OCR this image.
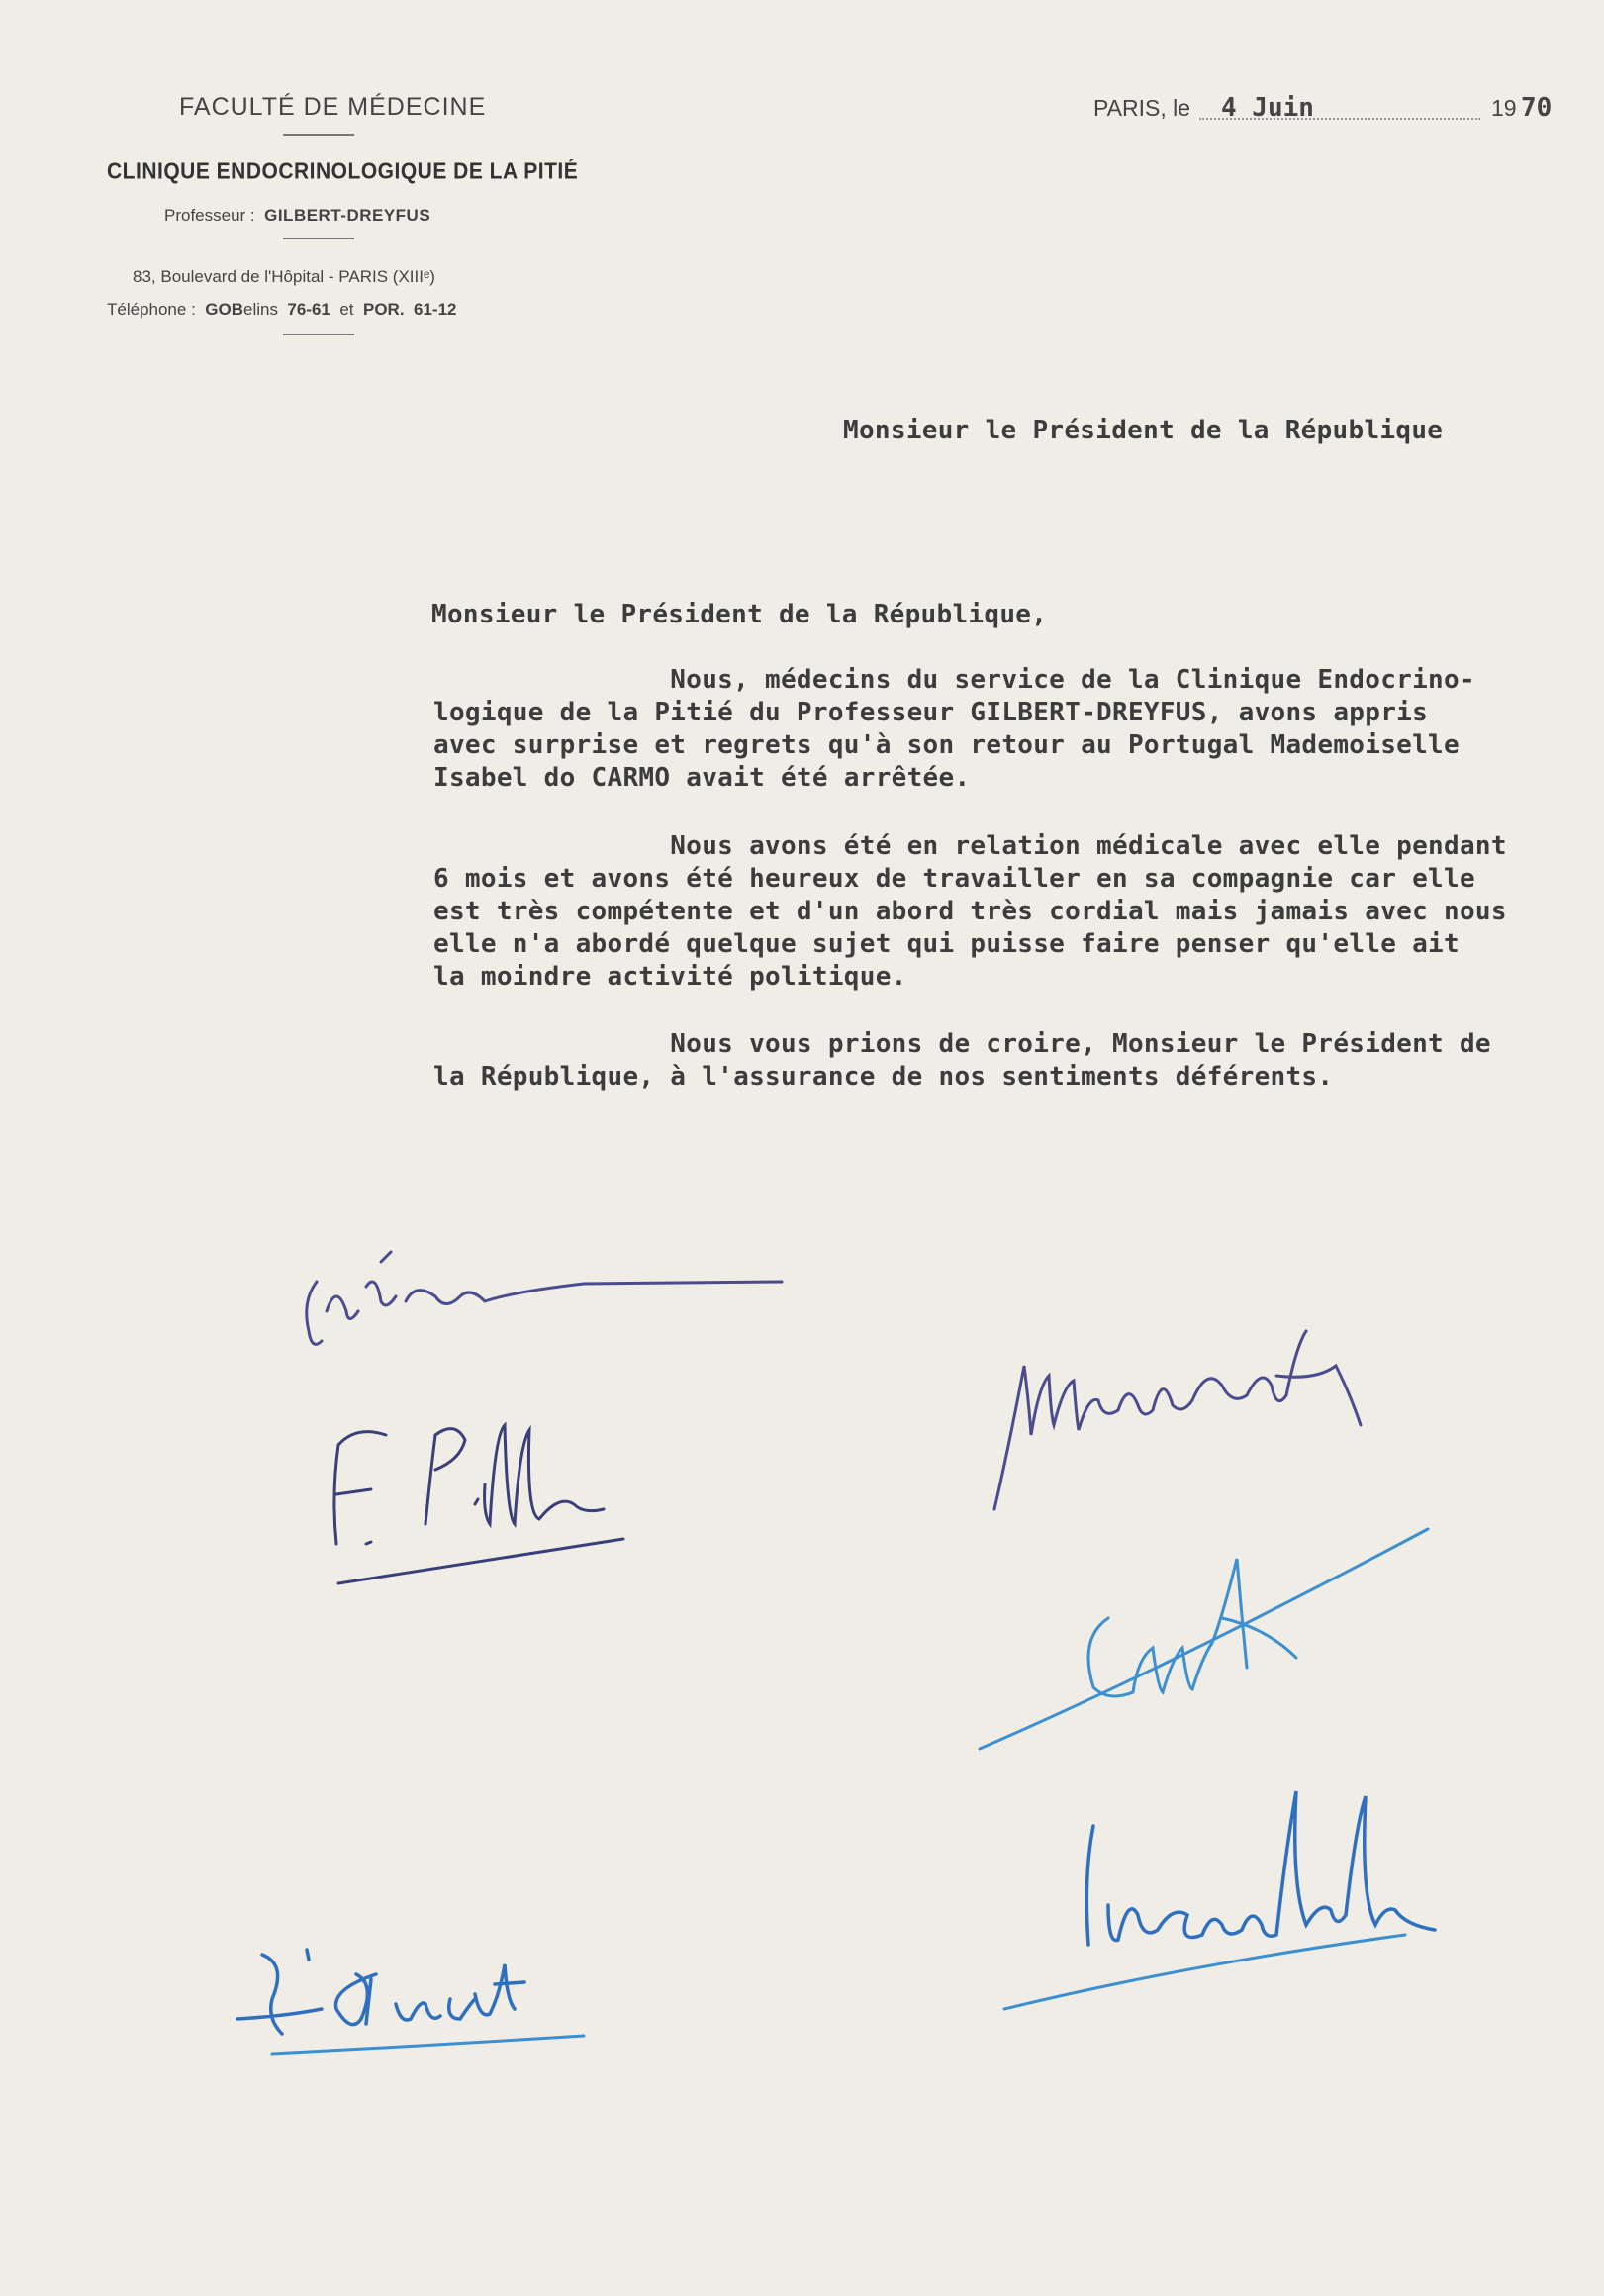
FACULTÉ DE MÉDECINE
CLINIQUE ENDOCRINOLOGIQUE DE LA PITIÉ
Professeur : GILBERT-DREYFUS
83, Boulevard de l'Hôpital - PARIS (XIIIᵉ)
Téléphone : GOBelins 76-61 et POR. 61-12
PARIS, le 4 Juin	19 70
Monsieur le Président de la République
Monsieur le Président de la République,

Nous, médecins du service de la Clinique Endocrino-

logique de la Pitié du Professeur GILBERT-DREYFUS, avons appris

avec surprise et regrets qu'à son retour au Portugal Mademoiselle

Isabel do CARMO avait été arrêtée.

Nous avons été en relation médicale avec elle pendant

6 mois et avons été heureux de travailler en sa compagnie car elle

est très compétente et d'un abord très cordial mais jamais avec nous

elle n'a abordé quelque sujet qui puisse faire penser qu'elle ait

la moindre activité politique.

Nous vous prions de croire, Monsieur le Président de

la République, à l'assurance de nos sentiments déférents.
